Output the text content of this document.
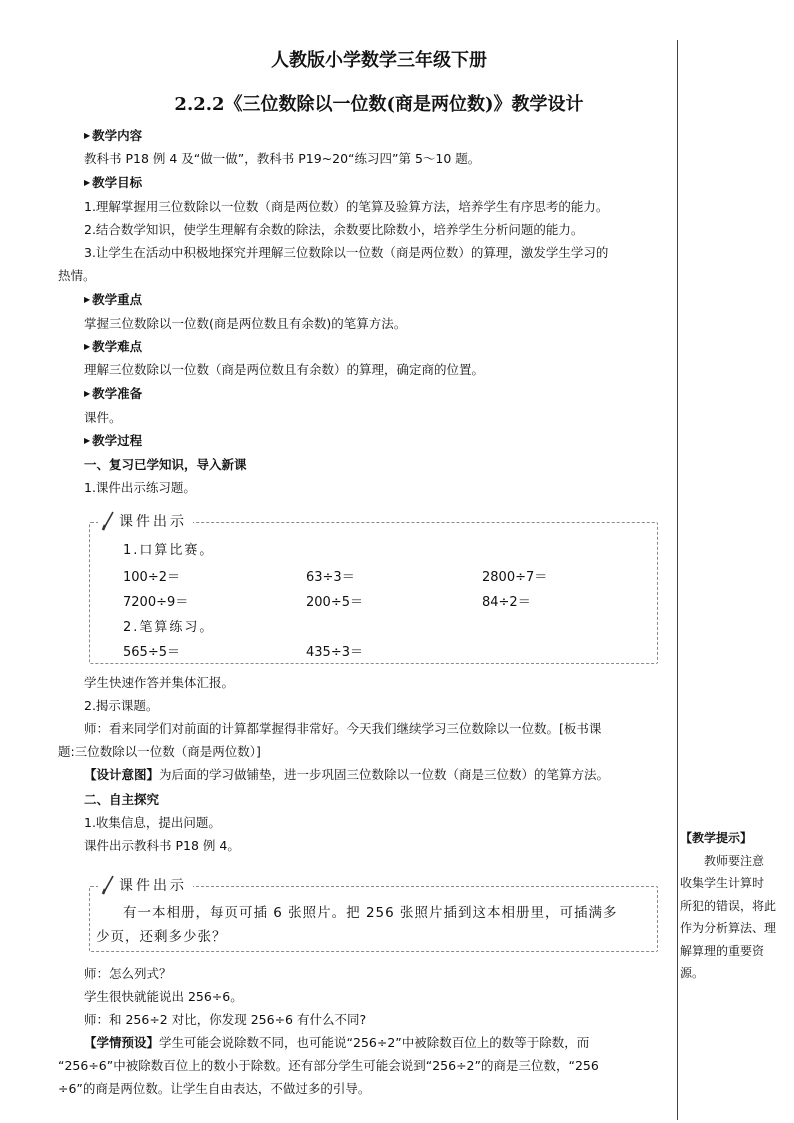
人教版小学数学三年级下册
2.2.2《三位数除以一位数(商是两位数)》教学设计
▶ 教学内容
教科书 P18 例 4 及“做一做”，教科书 P19~20“练习四”第 5～10 题。
▶ 教学目标
1.理解掌握用三位数除以一位数（商是两位数）的笔算及验算方法，培养学生有序思考的能力。
2.结合数学知识，使学生理解有余数的除法，余数要比除数小，培养学生分析问题的能力。
3.让学生在活动中积极地探究并理解三位数除以一位数（商是两位数）的算理，激发学生学习的
热情。
▶ 教学重点
掌握三位数除以一位数(商是两位数且有余数)的笔算方法。
▶ 教学难点
理解三位数除以一位数（商是两位数且有余数）的算理，确定商的位置。
▶ 教学准备
课件。
▶ 教学过程
一、复习已学知识，导入新课
1.课件出示练习题。
课件出示
1.口算比赛。
100÷2＝	63÷3＝	2800÷7＝
7200÷9＝	200÷5＝	84÷2＝
2.笔算练习。
565÷5＝	435÷3＝
学生快速作答并集体汇报。
2.揭示课题。
师：看来同学们对前面的计算都掌握得非常好。今天我们继续学习三位数除以一位数。[板书课
题:三位数除以一位数（商是两位数）]
【设计意图】为后面的学习做铺垫，进一步巩固三位数除以一位数（商是三位数）的笔算方法。
二、自主探究
1.收集信息，提出问题。
课件出示教科书 P18 例 4。
课件出示
有一本相册，每页可插 6 张照片。把 256 张照片插到这本相册里，可插满多
少页，还剩多少张？
师：怎么列式？
学生很快就能说出 256÷6。
师：和 256÷2 对比，你发现 256÷6 有什么不同?
【学情预设】学生可能会说除数不同，也可能说“256÷2”中被除数百位上的数等于除数，而
“256÷6”中被除数百位上的数小于除数。还有部分学生可能会说到“256÷2”的商是三位数，“256
÷6”的商是两位数。让学生自由表达，不做过多的引导。
【教学提示】
教师要注意
收集学生计算时
所犯的错误，将此
作为分析算法、理
解算理的重要资
源。
